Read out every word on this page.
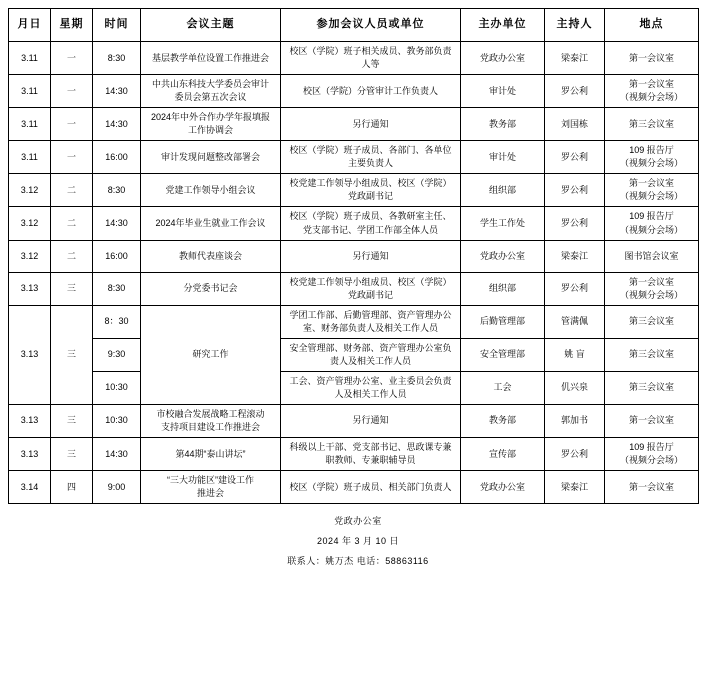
月日	星期	时间	会议主题	参加会议人员或单位	主办单位	主持人	地点
3.11	一	8:30	基层教学单位设置工作推进会	校区（学院）班子相关成员、教务部负责
人等	党政办公室	梁泰江	第一会议室

3.11	一	14:30	中共山东科技大学委员会审计
委员会第五次会议	校区（学院）分管审计工作负责人	审计处	罗公利	第一会议室
（视频分会场）

3.11	一	14:30	2024年中外合作办学年报填报
工作协调会	另行通知	教务部	刘国栋	第三会议室

3.11	一	16:00	审计发现问题整改部署会	校区（学院）班子成员、各部门、各单位
主要负责人	审计处	罗公利	109 报告厅
（视频分会场）

3.12	二	8:30	党建工作领导小组会议	校党建工作领导小组成员、校区（学院）
党政副书记	组织部	罗公利	第一会议室
（视频分会场）

3.12	二	14:30	2024年毕业生就业工作会议	校区（学院）班子成员、各教研室主任、
党支部书记、学团工作部全体人员	学生工作处	罗公利	109 报告厅
（视频分会场）

3.12	二	16:00	教师代表座谈会	另行通知	党政办公室	梁泰江	图书馆会议室

3.13	三	8:30	分党委书记会	校党建工作领导小组成员、校区（学院）
党政副书记	组织部	罗公利	第一会议室
（视频分会场）

3.13	三	8：30	研究工作	学团工作部、后勤管理部、资产管理办公
室、财务部负责人及相关工作人员	后勤管理部	管满佩	第三会议室

		9:30		安全管理部、财务部、资产管理办公室负
责人及相关工作人员	安全管理部	姚 盲	第三会议室

		10:30		工会、资产管理办公室、业主委员会负责
人及相关工作人员	工会	仉兴泉	第三会议室

3.13	三	10:30	市校融合发展战略工程滚动
支持项目建设工作推进会	另行通知	教务部	郭加书	第一会议室

3.13	三	14:30	第44期“泰山讲坛”	科级以上干部、党支部书记、思政课专兼
职教师、专兼职辅导员	宣传部	罗公利	109 报告厅
（视频分会场）

3.14	四	9:00	“三大功能区”建设工作
推进会	校区（学院）班子成员、相关部门负责人	党政办公室	梁泰江	第一会议室
党政办公室
2024 年 3 月 10 日
联系人：姚万杰 电话：58863116
